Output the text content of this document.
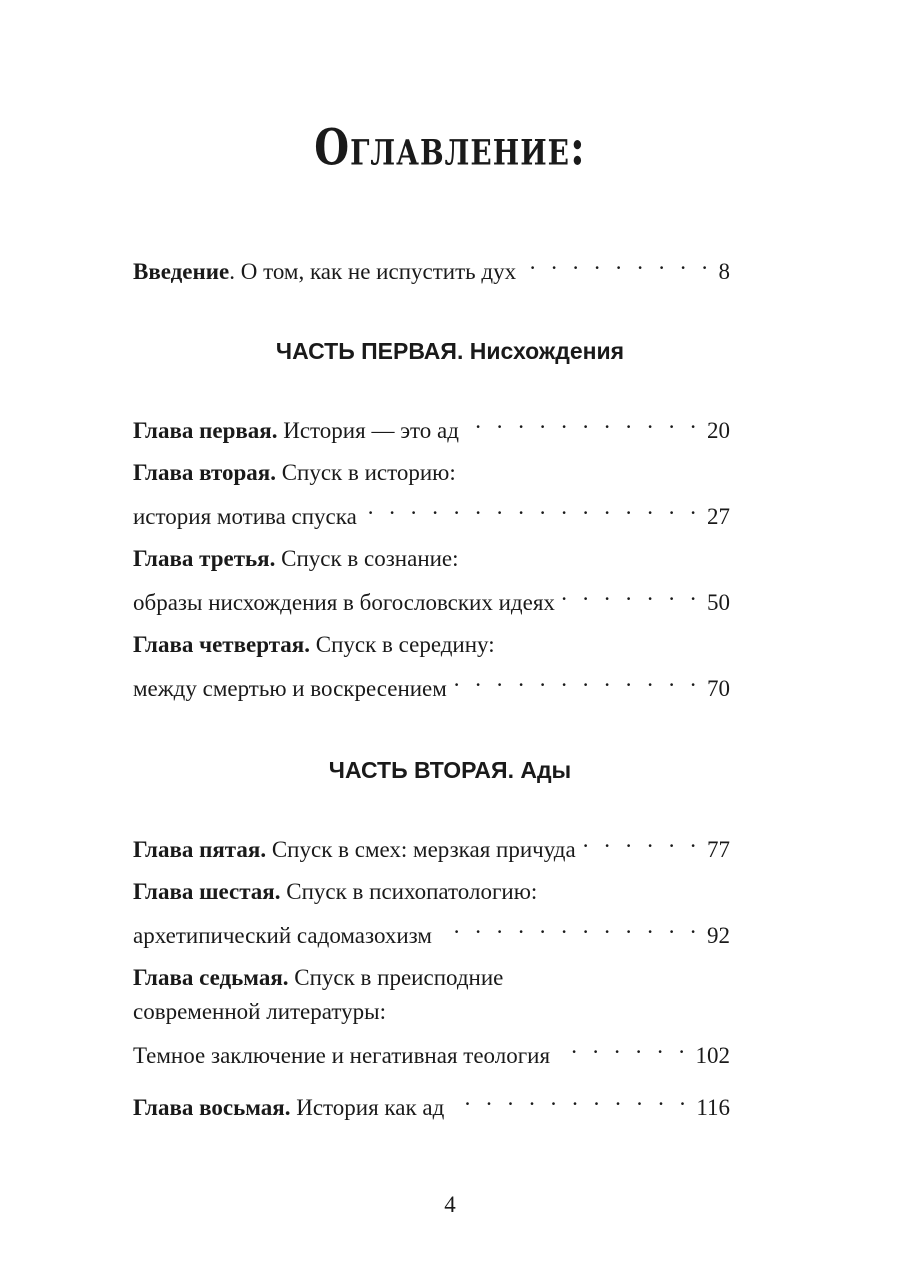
Оглавление:
Введение. О том, как не испустить дух . . .	8
ЧАСТЬ ПЕРВАЯ. Нисхождения
Глава первая. История — это ад . . .	20
Глава вторая. Спуск в историю:
история мотива спуска . . .	27
Глава третья. Спуск в сознание:
образы нисхождения в богословских идеях . . .	50
Глава четвертая. Спуск в середину:
между смертью и воскресением . . .	70
ЧАСТЬ ВТОРАЯ. Ады
Глава пятая. Спуск в смех: мерзкая причуда . . .	77
Глава шестая. Спуск в психопатологию:
архетипический садомазохизм . . .	92
Глава седьмая. Спуск в преисподние
современной литературы:
Темное заключение и негативная теология . . .	102
Глава восьмая. История как ад . . .	116
4
